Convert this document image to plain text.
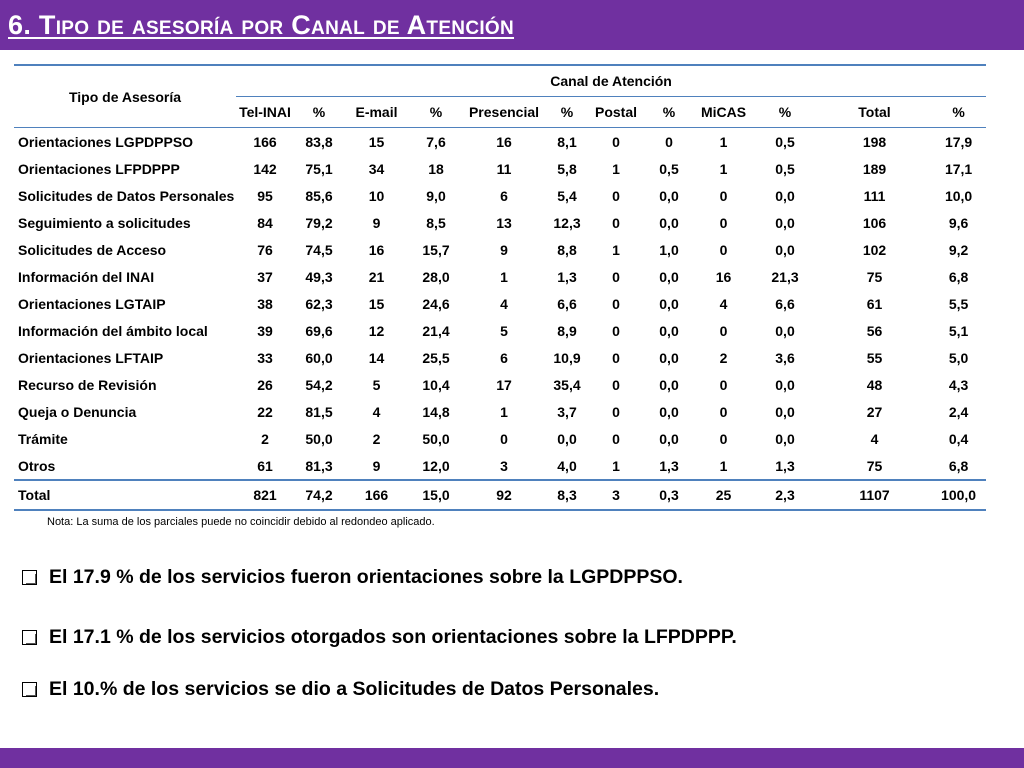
6. Tipo de asesoría por Canal de Atención
Tipo de Asesoría	Canal de Atención											
	Tel-INAI	%	E-mail	%	Presencial	%	Postal	%	MiCAS	%	Total	%
Orientaciones LGPDPPSO	166	83,8	15	7,6	16	8,1	0	0	1	0,5	198	17,9
Orientaciones LFPDPPP	142	75,1	34	18	11	5,8	1	0,5	1	0,5	189	17,1
Solicitudes de Datos Personales	95	85,6	10	9,0	6	5,4	0	0,0	0	0,0	111	10,0
Seguimiento a solicitudes	84	79,2	9	8,5	13	12,3	0	0,0	0	0,0	106	9,6
Solicitudes de Acceso	76	74,5	16	15,7	9	8,8	1	1,0	0	0,0	102	9,2
Información del INAI	37	49,3	21	28,0	1	1,3	0	0,0	16	21,3	75	6,8
Orientaciones LGTAIP	38	62,3	15	24,6	4	6,6	0	0,0	4	6,6	61	5,5
Información del ámbito local	39	69,6	12	21,4	5	8,9	0	0,0	0	0,0	56	5,1
Orientaciones LFTAIP	33	60,0	14	25,5	6	10,9	0	0,0	2	3,6	55	5,0
Recurso de Revisión	26	54,2	5	10,4	17	35,4	0	0,0	0	0,0	48	4,3
Queja o Denuncia	22	81,5	4	14,8	1	3,7	0	0,0	0	0,0	27	2,4
Trámite	2	50,0	2	50,0	0	0,0	0	0,0	0	0,0	4	0,4
Otros	61	81,3	9	12,0	3	4,0	1	1,3	1	1,3	75	6,8
Total	821	74,2	166	15,0	92	8,3	3	0,3	25	2,3	1107	100,0
Nota: La suma de los parciales puede no coincidir debido al redondeo aplicado.
El 17.9 % de los servicios fueron orientaciones sobre la LGPDPPSO.
El 17.1 % de los servicios otorgados son orientaciones sobre la LFPDPPP.
El 10.% de los servicios se dio a Solicitudes de Datos Personales.
